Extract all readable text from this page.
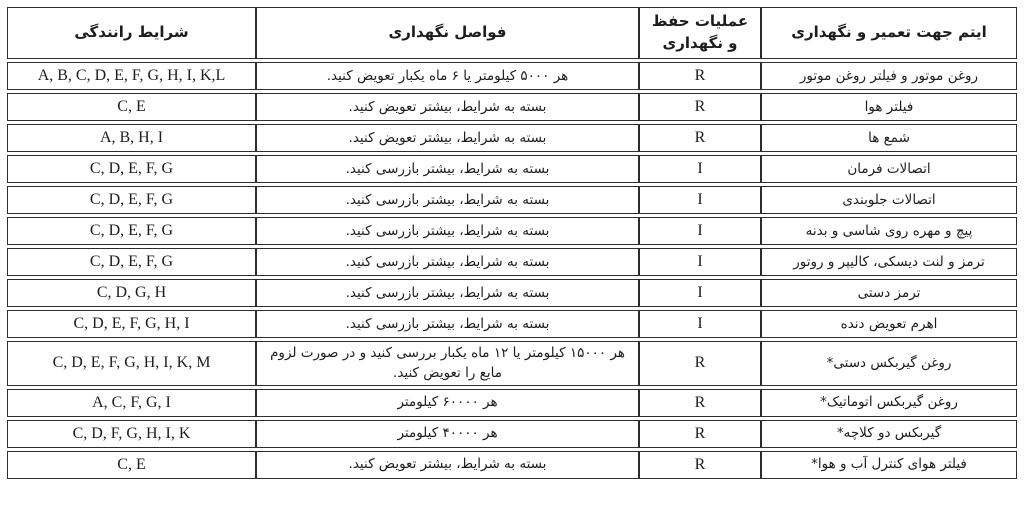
ایتم جهت تعمیر و نگهداری	عملیات حفظ و نگهداری	فواصل نگهداری	شرایط رانندگی
روغن موتور و فیلتر روغن موتور	R	هر ۵۰۰۰ کیلومتر یا ۶ ماه یکبار تعویض کنید.	A, B, C, D, E, F, G, H, I, K,L
فیلتر هوا	R	بسته به شرایط، بیشتر تعویض کنید.	C, E
شمع ها	R	بسته به شرایط، بیشتر تعویض کنید.	A, B, H, I
اتصالات فرمان	I	بسته به شرایط، بیشتر بازرسی کنید.	C, D, E, F, G
اتصالات جلوبندی	I	بسته به شرایط، بیشتر بازرسی کنید.	C, D, E, F, G
پیچ و مهره روی شاسی و بدنه	I	بسته به شرایط، بیشتر بازرسی کنید.	C, D, E, F, G
ترمز و لنت دیسکی، کالیپر و روتور	I	بسته به شرایط، بیشتر بازرسی کنید.	C, D, E, F, G
ترمز دستی	I	بسته به شرایط، بیشتر بازرسی کنید.	C, D, G, H
اهرم تعویض دنده	I	بسته به شرایط، بیشتر بازرسی کنید.	C, D, E, F, G, H, I
روغن گیربکس دستی*	R	هر ۱۵۰۰۰ کیلومتر یا ۱۲ ماه یکبار بررسی کنید و در صورت لزوم مایع را تعویض کنید.	C, D, E, F, G, H, I, K, M
روغن گیربکس اتوماتیک*	R	هر ۶۰۰۰۰ کیلومتر	A, C, F, G, I
گیربکس دو کلاچه*	R	هر ۴۰۰۰۰ کیلومتر	C, D, F, G, H, I, K
فیلتر هوای کنترل آب و هوا*	R	بسته به شرایط، بیشتر تعویض کنید.	C, E
